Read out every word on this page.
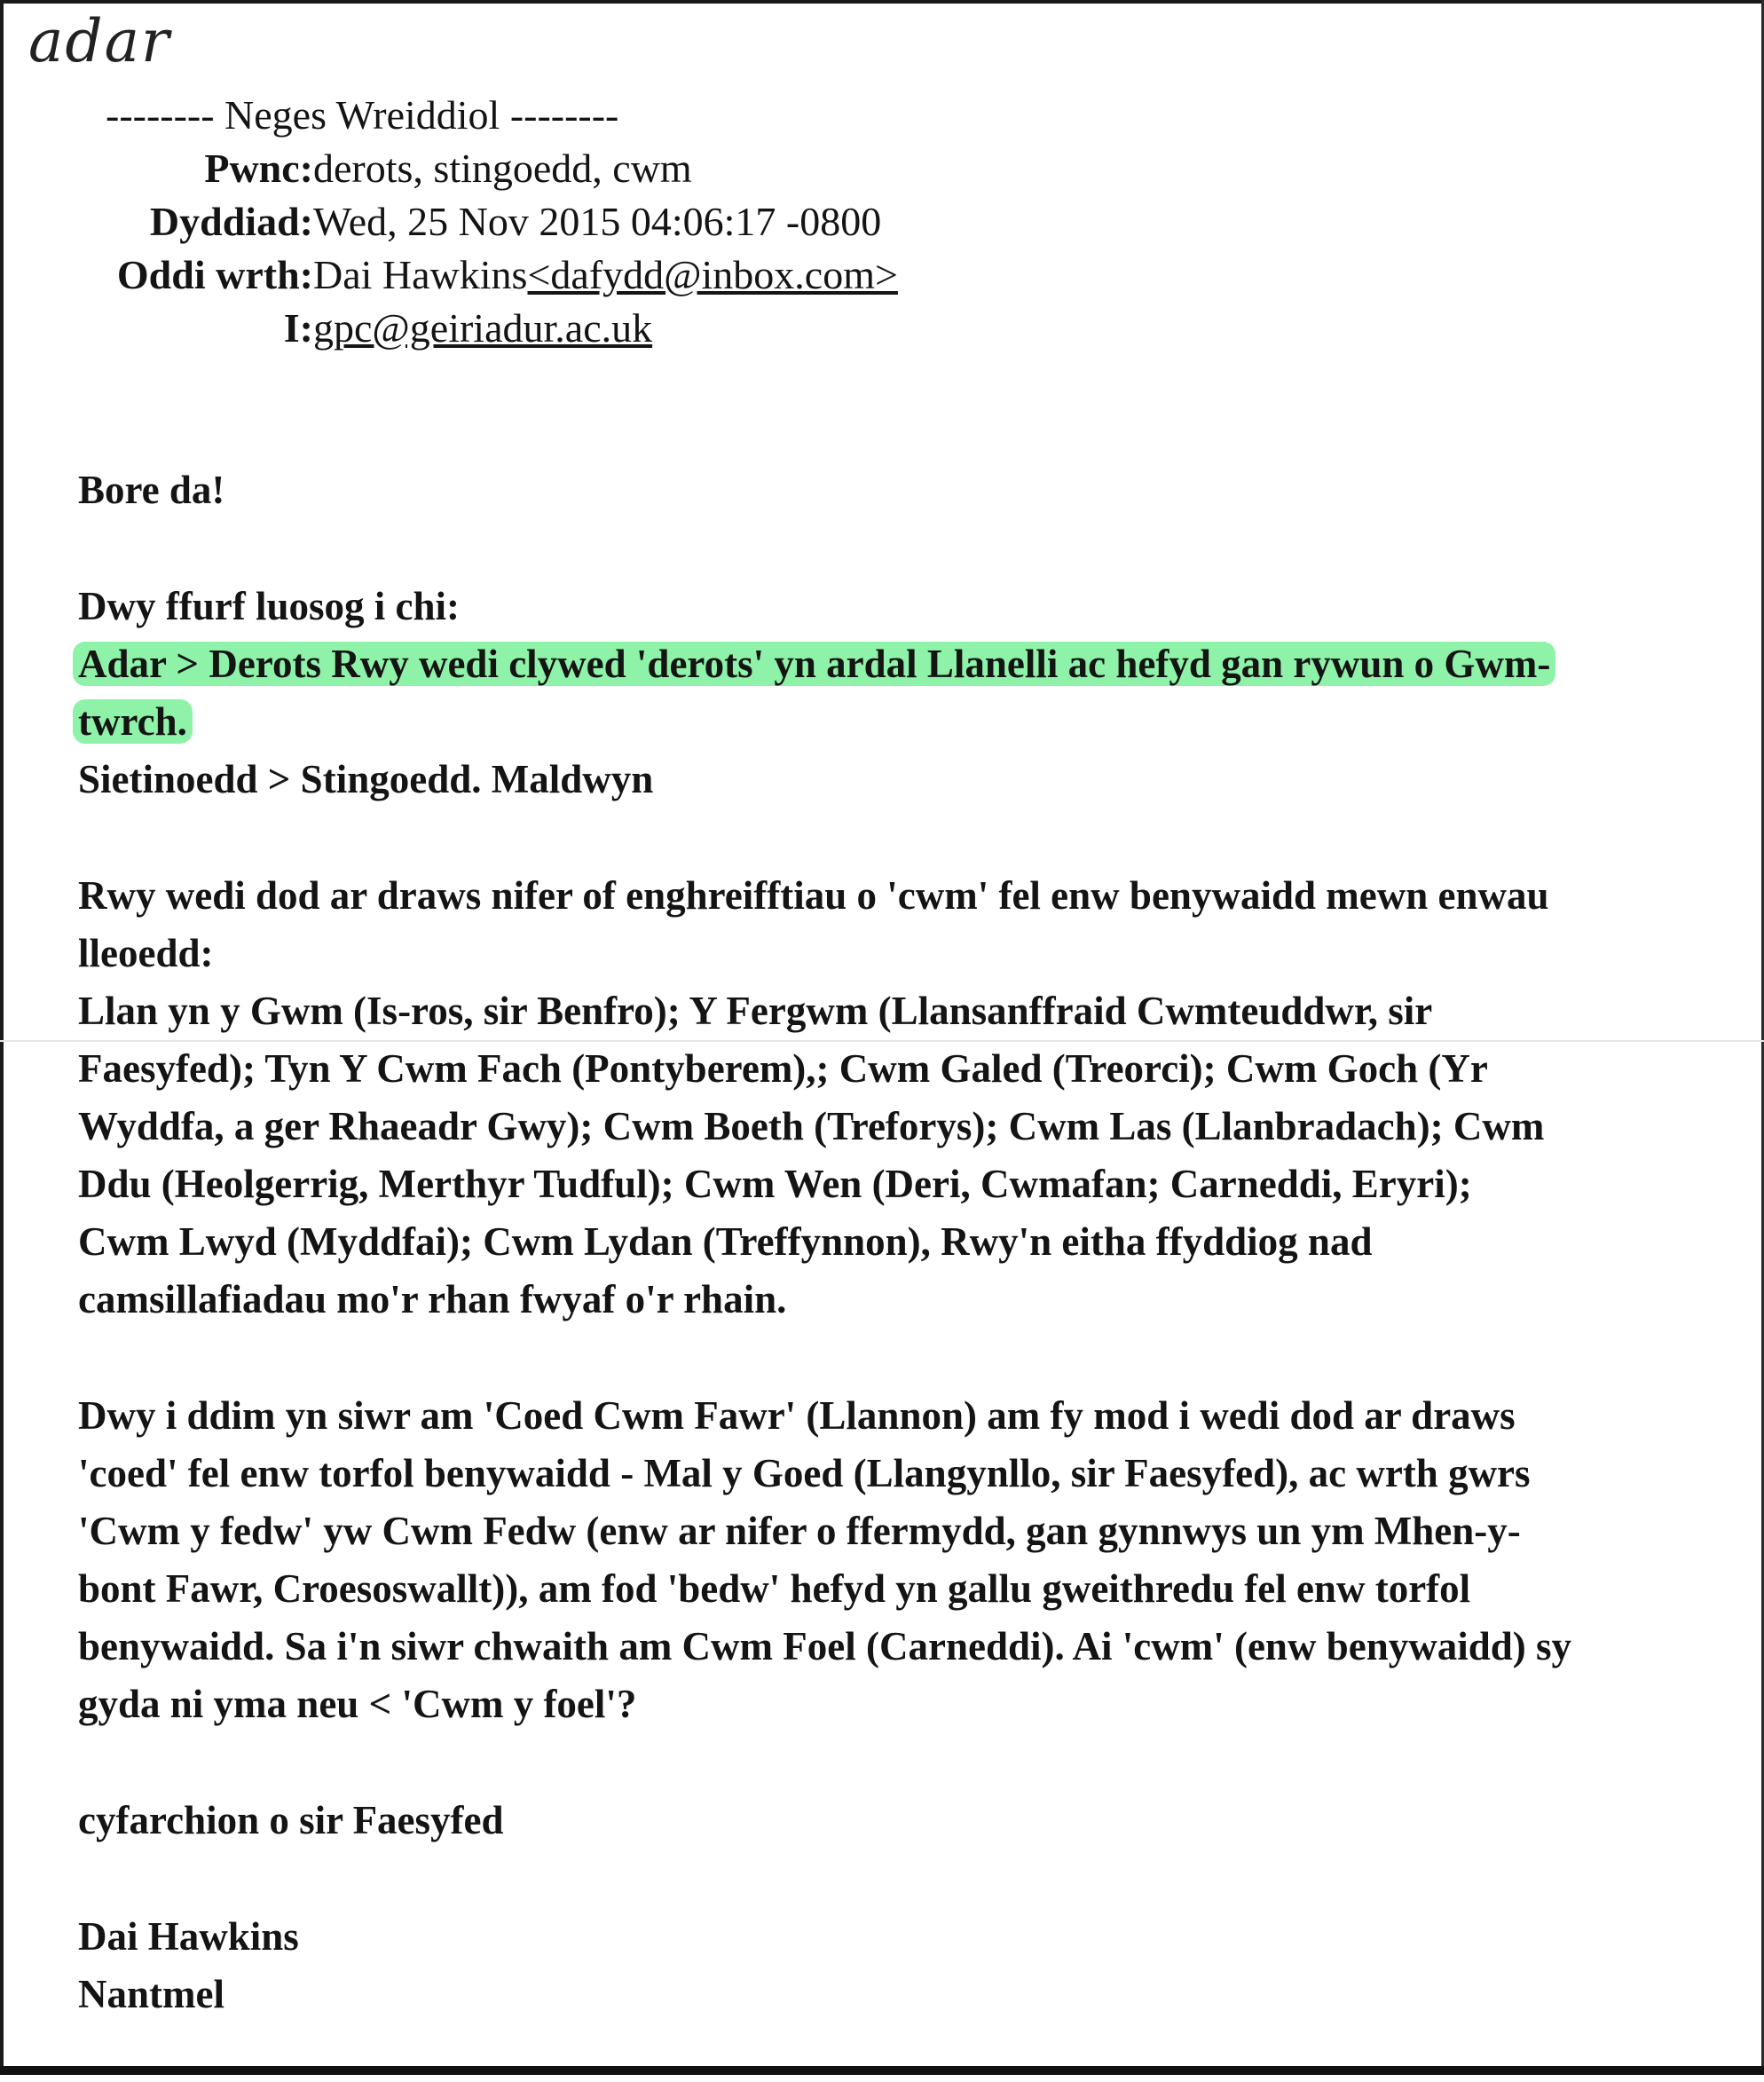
adar
-------- Neges Wreiddiol --------
Pwnc: derots, stingoedd, cwm
Dyddiad: Wed, 25 Nov 2015 04:06:17 -0800
Oddi wrth: Dai Hawkins <dafydd@inbox.com>
I: gpc@geiriadur.ac.uk

Bore da!

Dwy ffurf luosog i chi:
Adar > Derots Rwy wedi clywed 'derots' yn ardal Llanelli ac hefyd gan rywun o Gwm-
twrch.
Sietinoedd > Stingoedd. Maldwyn

Rwy wedi dod ar draws nifer of enghreifftiau o 'cwm' fel enw benywaidd mewn enwau
lleoedd:
Llan yn y Gwm (Is-ros, sir Benfro); Y Fergwm (Llansanffraid Cwmteuddwr, sir
Faesyfed); Tyn Y Cwm Fach (Pontyberem),; Cwm Galed (Treorci); Cwm Goch (Yr
Wyddfa, a ger Rhaeadr Gwy); Cwm Boeth (Treforys); Cwm Las (Llanbradach); Cwm
Ddu (Heolgerrig, Merthyr Tudful); Cwm Wen (Deri, Cwmafan; Carneddi, Eryri);
Cwm Lwyd (Myddfai); Cwm Lydan (Treffynnon), Rwy'n eitha ffyddiog nad
camsillafiadau mo'r rhan fwyaf o'r rhain.

Dwy i ddim yn siwr am 'Coed Cwm Fawr' (Llannon) am fy mod i wedi dod ar draws
'coed' fel enw torfol benywaidd - Mal y Goed (Llangynllo, sir Faesyfed), ac wrth gwrs
'Cwm y fedw' yw Cwm Fedw (enw ar nifer o ffermydd, gan gynnwys un ym Mhen-y-
bont Fawr, Croesoswallt)), am fod 'bedw' hefyd yn gallu gweithredu fel enw torfol
benywaidd. Sa i'n siwr chwaith am Cwm Foel (Carneddi). Ai 'cwm' (enw benywaidd) sy
gyda ni yma neu < 'Cwm y foel'?

cyfarchion o sir Faesyfed

Dai Hawkins
Nantmel
